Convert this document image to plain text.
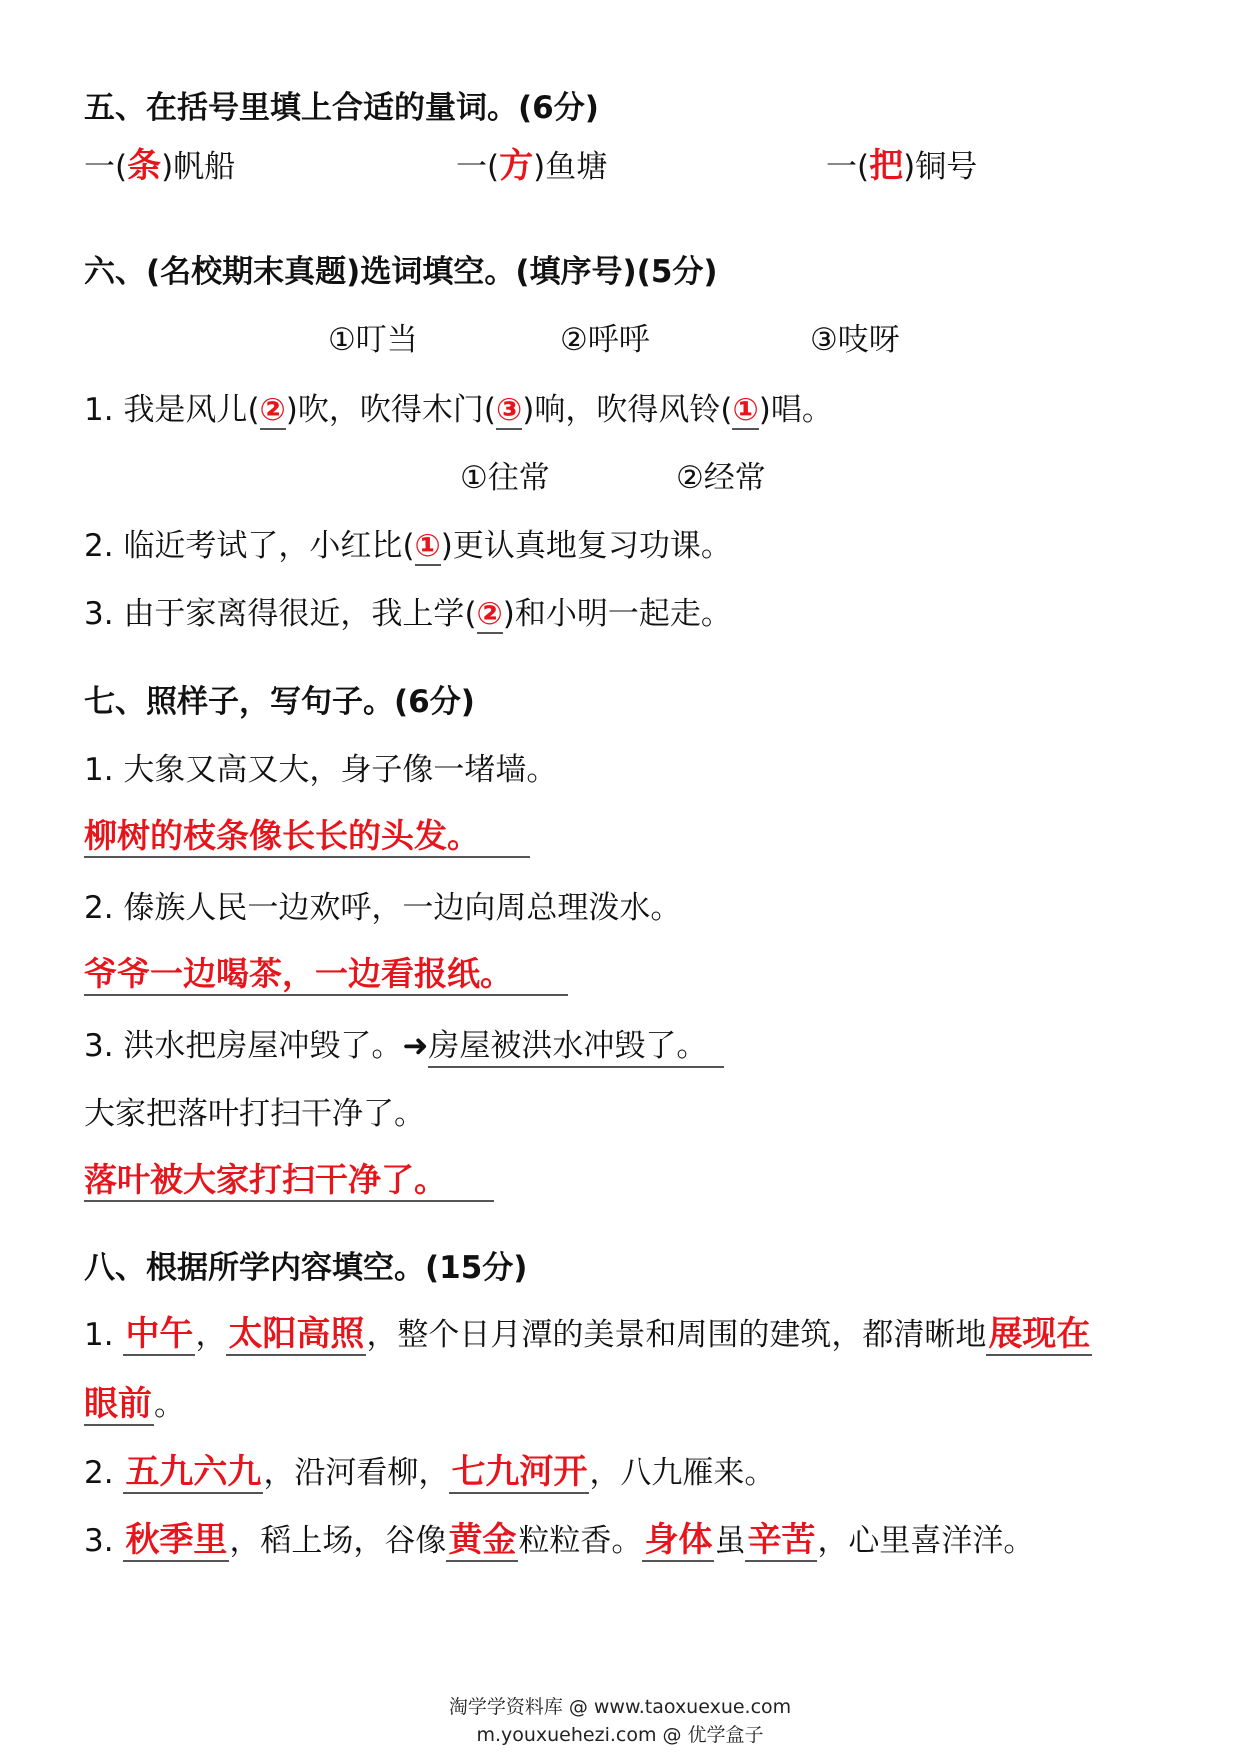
五、在括号里填上合适的量词。(6分)
一(条)帆船	一(方)鱼塘	一(把)铜号
六、(名校期末真题)选词填空。(填序号)(5分)
①叮当	②呼呼	③吱呀
1. 我是风儿(②)吹，吹得木门(③)响，吹得风铃(①)唱。
①往常	②经常
2. 临近考试了，小红比(①)更认真地复习功课。
3. 由于家离得很近，我上学(②)和小明一起走。
七、照样子，写句子。(6分)
1. 大象又高又大，身子像一堵墙。
柳树的枝条像长长的头发。
2. 傣族人民一边欢呼，一边向周总理泼水。
爷爷一边喝茶，一边看报纸。
3. 洪水把房屋冲毁了。➜房屋被洪水冲毁了。
大家把落叶打扫干净了。
落叶被大家打扫干净了。
八、根据所学内容填空。(15分)
1. 中午，太阳高照，整个日月潭的美景和周围的建筑，都清晰地展现在
眼前。
2. 五九六九，沿河看柳，七九河开，八九雁来。
3. 秋季里，稻上场，谷像黄金粒粒香。身体虽辛苦，心里喜洋洋。
淘学学资料库 @ www.taoxuexue.com
m.youxuehezi.com @ 优学盒子
